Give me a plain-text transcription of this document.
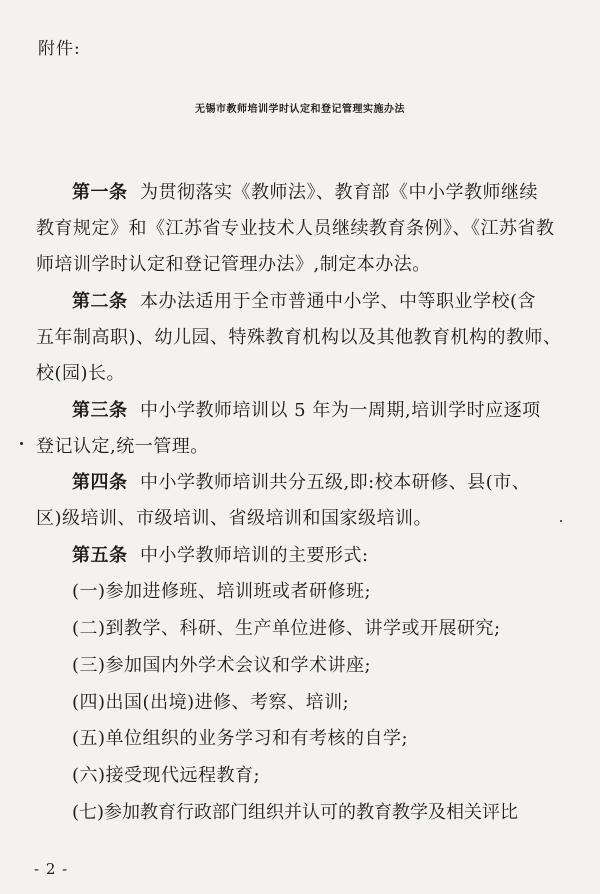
附件:
无锡市教师培训学时认定和登记管理实施办法
第一条 为贯彻落实《教师法》、教育部《中小学教师继续
教育规定》和《江苏省专业技术人员继续教育条例》、《江苏省教
师培训学时认定和登记管理办法》,制定本办法。
第二条 本办法适用于全市普通中小学、中等职业学校(含
五年制高职)、幼儿园、特殊教育机构以及其他教育机构的教师、
校(园)长。
第三条 中小学教师培训以 5 年为一周期,培训学时应逐项
登记认定,统一管理。
第四条 中小学教师培训共分五级,即:校本研修、县(市、
区)级培训、市级培训、省级培训和国家级培训。
第五条 中小学教师培训的主要形式:
(一)参加进修班、培训班或者研修班;
(二)到教学、科研、生产单位进修、讲学或开展研究;
(三)参加国内外学术会议和学术讲座;
(四)出国(出境)进修、考察、培训;
(五)单位组织的业务学习和有考核的自学;
(六)接受现代远程教育;
(七)参加教育行政部门组织并认可的教育教学及相关评比
- 2 -
